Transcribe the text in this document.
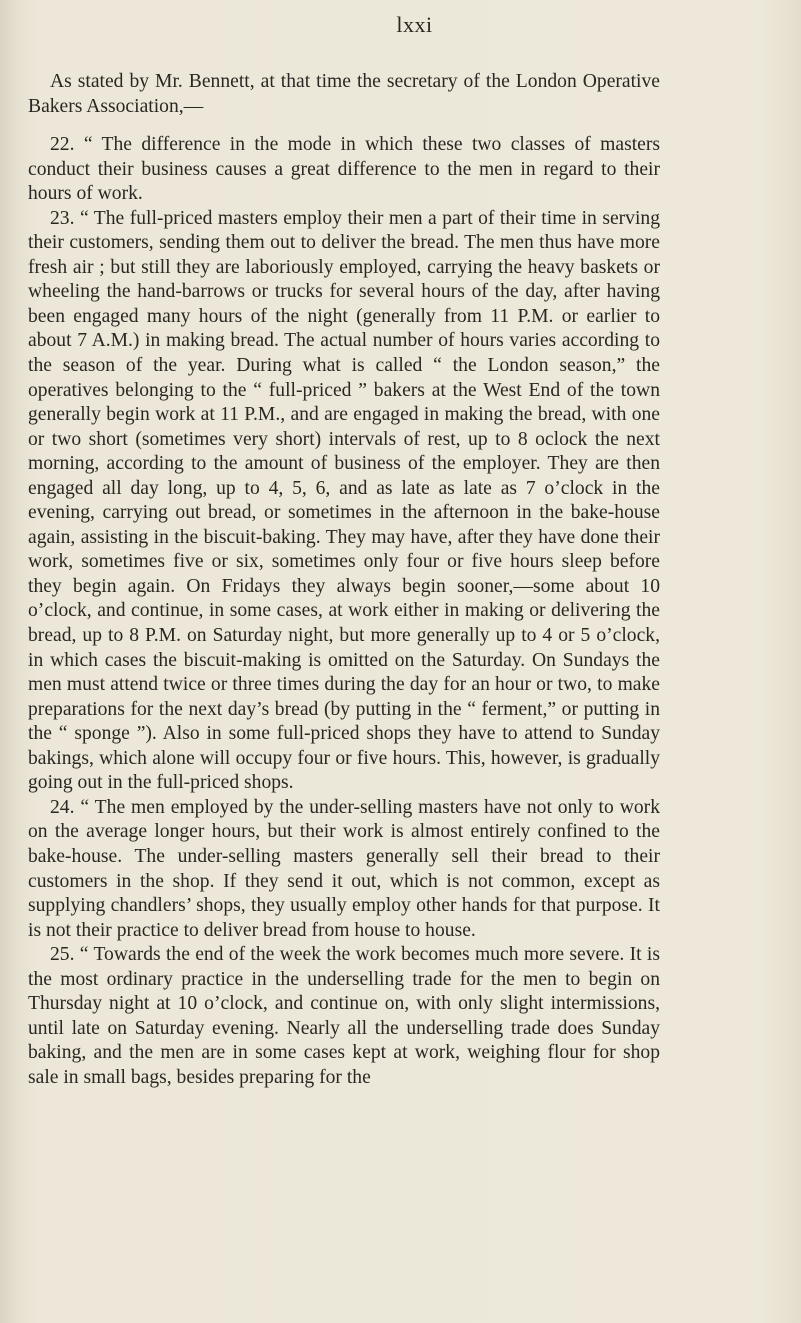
lxxi

As stated by Mr. Bennett, at that time the secretary of the London Operative Bakers Association,—

22. “ The difference in the mode in which these two classes of masters conduct their business causes a great difference to the men in regard to their hours of work.

23. “ The full-priced masters employ their men a part of their time in serving their customers, sending them out to deliver the bread. The men thus have more fresh air ; but still they are laboriously employed, carrying the heavy baskets or wheeling the hand-barrows or trucks for several hours of the day, after having been engaged many hours of the night (generally from 11 P.M. or earlier to about 7 A.M.) in making bread. The actual number of hours varies according to the season of the year. During what is called “ the London season,” the operatives belonging to the “ full-priced ” bakers at the West End of the town generally begin work at 11 P.M., and are engaged in making the bread, with one or two short (sometimes very short) intervals of rest, up to 8 oclock the next morning, according to the amount of business of the employer. They are then engaged all day long, up to 4, 5, 6, and as late as late as 7 o’clock in the evening, carrying out bread, or sometimes in the afternoon in the bake-house again, assisting in the biscuit-baking. They may have, after they have done their work, sometimes five or six, sometimes only four or five hours sleep before they begin again. On Fridays they always begin sooner,—some about 10 o’clock, and continue, in some cases, at work either in making or delivering the bread, up to 8 P.M. on Saturday night, but more generally up to 4 or 5 o’clock, in which cases the biscuit-making is omitted on the Saturday. On Sundays the men must attend twice or three times during the day for an hour or two, to make preparations for the next day’s bread (by putting in the “ ferment,” or putting in the “ sponge ”). Also in some full-priced shops they have to attend to Sunday bakings, which alone will occupy four or five hours. This, however, is gradually going out in the full-priced shops.

24. “ The men employed by the under-selling masters have not only to work on the average longer hours, but their work is almost entirely confined to the bake-house. The under-selling masters generally sell their bread to their customers in the shop. If they send it out, which is not common, except as supplying chandlers’ shops, they usually employ other hands for that purpose. It is not their practice to deliver bread from house to house.

25. “ Towards the end of the week the work becomes much more severe. It is the most ordinary practice in the underselling trade for the men to begin on Thursday night at 10 o’clock, and continue on, with only slight intermissions, until late on Saturday evening. Nearly all the underselling trade does Sunday baking, and the men are in some cases kept at work, weighing flour for shop sale in small bags, besides preparing for the
